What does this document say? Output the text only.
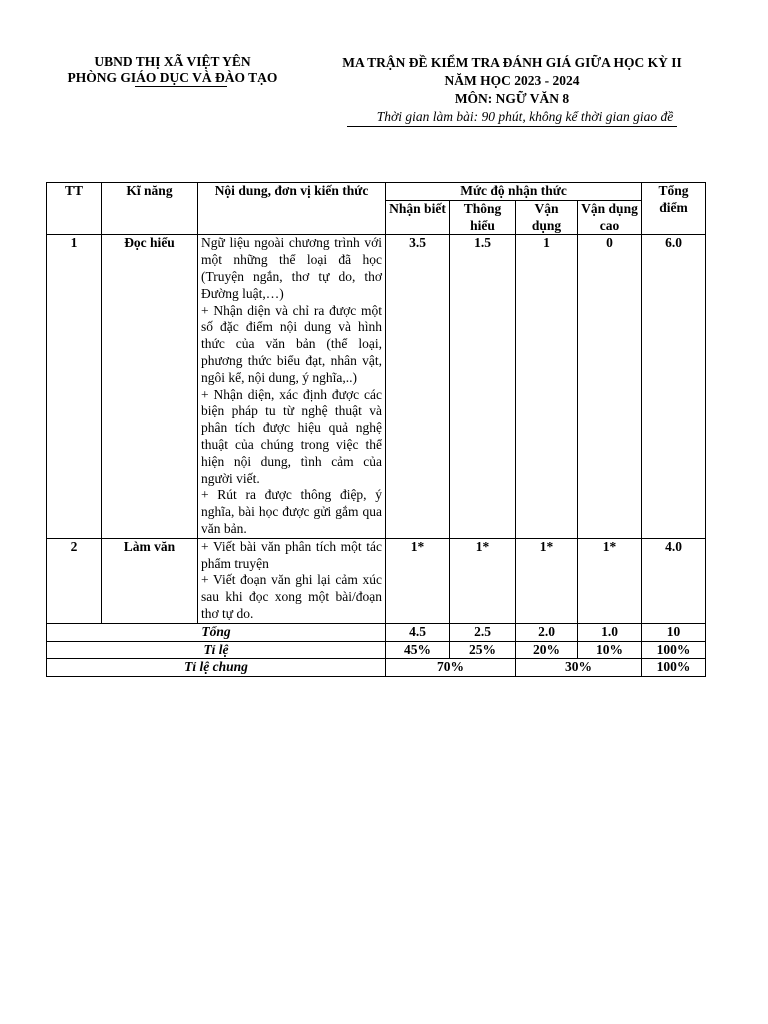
UBND THỊ XÃ VIỆT YÊN
PHÒNG GIÁO DỤC VÀ ĐÀO TẠO
MA TRẬN ĐỀ KIỂM TRA ĐÁNH GIÁ GIỮA HỌC KỲ II
NĂM HỌC 2023 - 2024
MÔN: NGỮ VĂN 8
Thời gian làm bài: 90 phút, không kể thời gian giao đề
TT	Kĩ năng	Nội dung, đơn vị kiến thức	Mức độ nhận thức				Tổng điểm
			Nhận biết	Thông hiểu	Vận dụng	Vận dụng cao	
1	Đọc hiểu	Ngữ liệu ngoài chương trình với một những thể loại đã học (Truyện ngắn, thơ tự do, thơ Đường luật,…)

+ Nhận diện và chỉ ra được một số đặc điểm nội dung và hình thức của văn bản (thể loại, phương thức biểu đạt, nhân vật, ngôi kể, nội dung, ý nghĩa,..)

+ Nhận diện, xác định được các biện pháp tu từ nghệ thuật và phân tích được hiệu quả nghệ thuật của chúng trong việc thể hiện nội dung, tình cảm của người viết.

+ Rút ra được thông điệp, ý nghĩa, bài học được gửi gắm qua văn bản.	3.5	1.5	1	0	6.0
2	Làm văn	+ Viết bài văn phân tích một tác phẩm truyện

+ Viết đoạn văn ghi lại cảm xúc sau khi đọc xong một bài/đoạn thơ tự do.	1*	1*	1*	1*	4.0
Tổng			4.5	2.5	2.0	1.0	10
Tỉ lệ			45%	25%	20%	10%	100%
Tỉ lệ chung			70%		30%		100%
